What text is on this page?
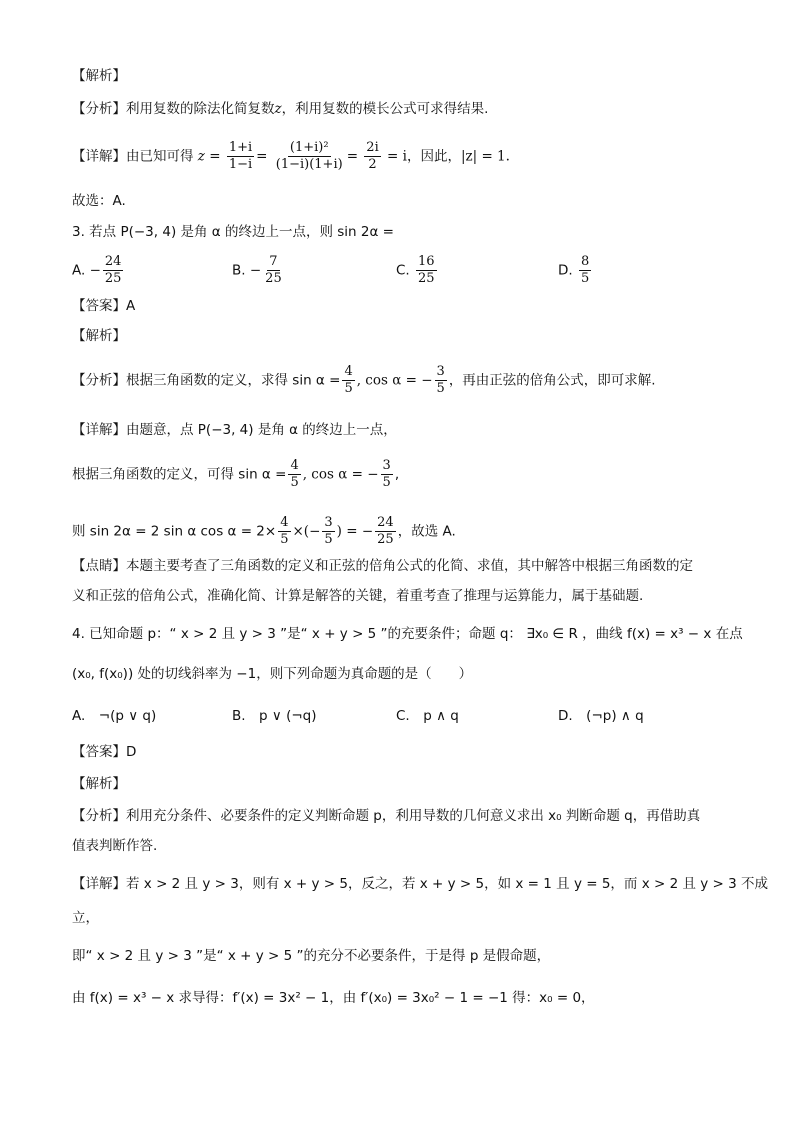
【解析】
【分析】利用复数的除法化简复数z，利用复数的模长公式可求得结果.
【详解】由已知可得 $z = \frac{1+i}{1-i} = \frac{\text{(1+i)²}}{(1-i)(1+i)} = \frac{2i}{2} = i$，因此，|z| = 1.
故选：A.
3. 若点 P(−3, 4) 是角 α 的终边上一点，则 sin 2α =
A. − $\frac{24}{25}$	B. − $\frac{7}{25}$	C. $\frac{16}{25}$	D. $\frac{8}{5}$
【答案】A
【解析】
【分析】根据三角函数的定义，求得 $\sin \alpha = \frac{4}{5}$ , cos α = − $\frac{3}{5}$ ，再由正弦的倍角公式，即可求解.
【详解】由题意，点 P(−3, 4) 是角 α 的终边上一点，
根据三角函数的定义，可得 $\sin \alpha = \frac{4}{5}$ , cos α = − $\frac{3}{5}$ ,
则 sin 2α = 2 sin α $\cos \alpha = 2\times \frac{4}{5}$ ×(− $\frac{3}{5}$ ) = − $\frac{24}{25}$ ，故选 A.
【点睛】本题主要考查了三角函数的定义和正弦的倍角公式的化简、求值，其中解答中根据三角函数的定
义和正弦的倍角公式，准确化简、计算是解答的关键，着重考查了推理与运算能力，属于基础题.
4. 已知命题 p：“ x > 2 且 y > 3 ”是“ x + y > 5 ”的充要条件；命题 q： ∃x₀ ∈ R ，曲线 f(x) = x³ − x 在点
(x₀, f(x₀)) 处的切线斜率为 −1，则下列命题为真命题的是（　　）
A.　¬(p ∨ q)	B.　p ∨ (¬q)	C.　p ∧ q	D.　(¬p) ∧ q
【答案】D
【解析】
【分析】利用充分条件、必要条件的定义判断命题 p，利用导数的几何意义求出 x₀ 判断命题 q，再借助真
值表判断作答.
【详解】若 x > 2 且 y > 3，则有 x + y > 5，反之，若 x + y > 5，如 x = 1 且 y = 5，而 x > 2 且 y > 3 不成
立，
即“ x > 2 且 y > 3 ”是“ x + y > 5 ”的充分不必要条件，于是得 p 是假命题，
由 f(x) = x³ − x 求导得：f′(x) = 3x² − 1，由 f′(x₀) = 3x₀² − 1 = −1 得：x₀ = 0，
